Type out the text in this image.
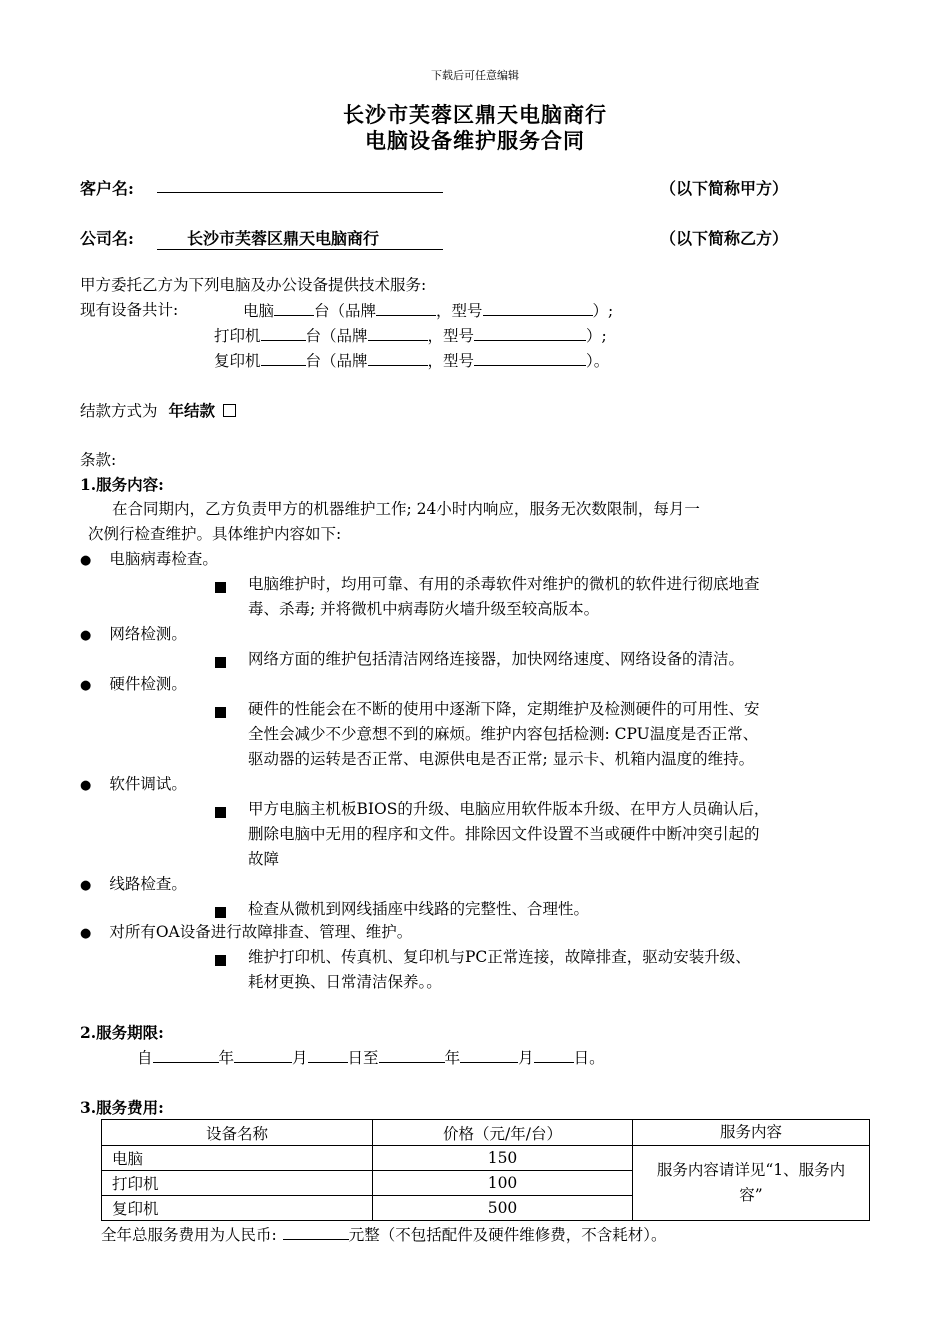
下载后可任意编辑
长沙市芙蓉区鼎天电脑商行
电脑设备维护服务合同
客户名:	（以下简称甲方）
公司名:	长沙市芙蓉区鼎天电脑商行	（以下简称乙方）
甲方委托乙方为下列电脑及办公设备提供技术服务:
现有设备共计:	电脑	台（品牌	，型号	）;
打印机	台（品牌	，型号	）;
复印机	台（品牌	，型号	）。
结款方式为 年结款
条款:
1.服务内容:
在合同期内，乙方负责甲方的机器维护工作; 24小时内响应，服务无次数限制，每月一
次例行检查维护。具体维护内容如下:
● 电脑病毒检查。
电脑维护时，均用可靠、有用的杀毒软件对维护的微机的软件进行彻底地查
毒、杀毒; 并将微机中病毒防火墙升级至较高版本。
● 网络检测。
网络方面的维护包括清洁网络连接器，加快网络速度、网络设备的清洁。
● 硬件检测。
硬件的性能会在不断的使用中逐渐下降，定期维护及检测硬件的可用性、安
全性会减少不少意想不到的麻烦。维护内容包括检测: CPU温度是否正常、
驱动器的运转是否正常、电源供电是否正常; 显示卡、机箱内温度的维持。
● 软件调试。
甲方电脑主机板BIOS的升级、电脑应用软件版本升级、在甲方人员确认后，
删除电脑中无用的程序和文件。排除因文件设置不当或硬件中断冲突引起的
故障
● 线路检查。
检查从微机到网线插座中线路的完整性、合理性。
● 对所有OA设备进行故障排查、管理、维护。
维护打印机、传真机、复印机与PC正常连接，故障排查，驱动安装升级、
耗材更换、日常清洁保养。。
2.服务期限:
自	年	月	日至	年	月	日。
3.服务费用:
设备名称	价格（元/年/台）	服务内容
电脑	150	服务内容请详见“1、服务内容”

打印机	100	
复印机	500	
全年总服务费用为人民币:	元整（不包括配件及硬件维修费，不含耗材）。
